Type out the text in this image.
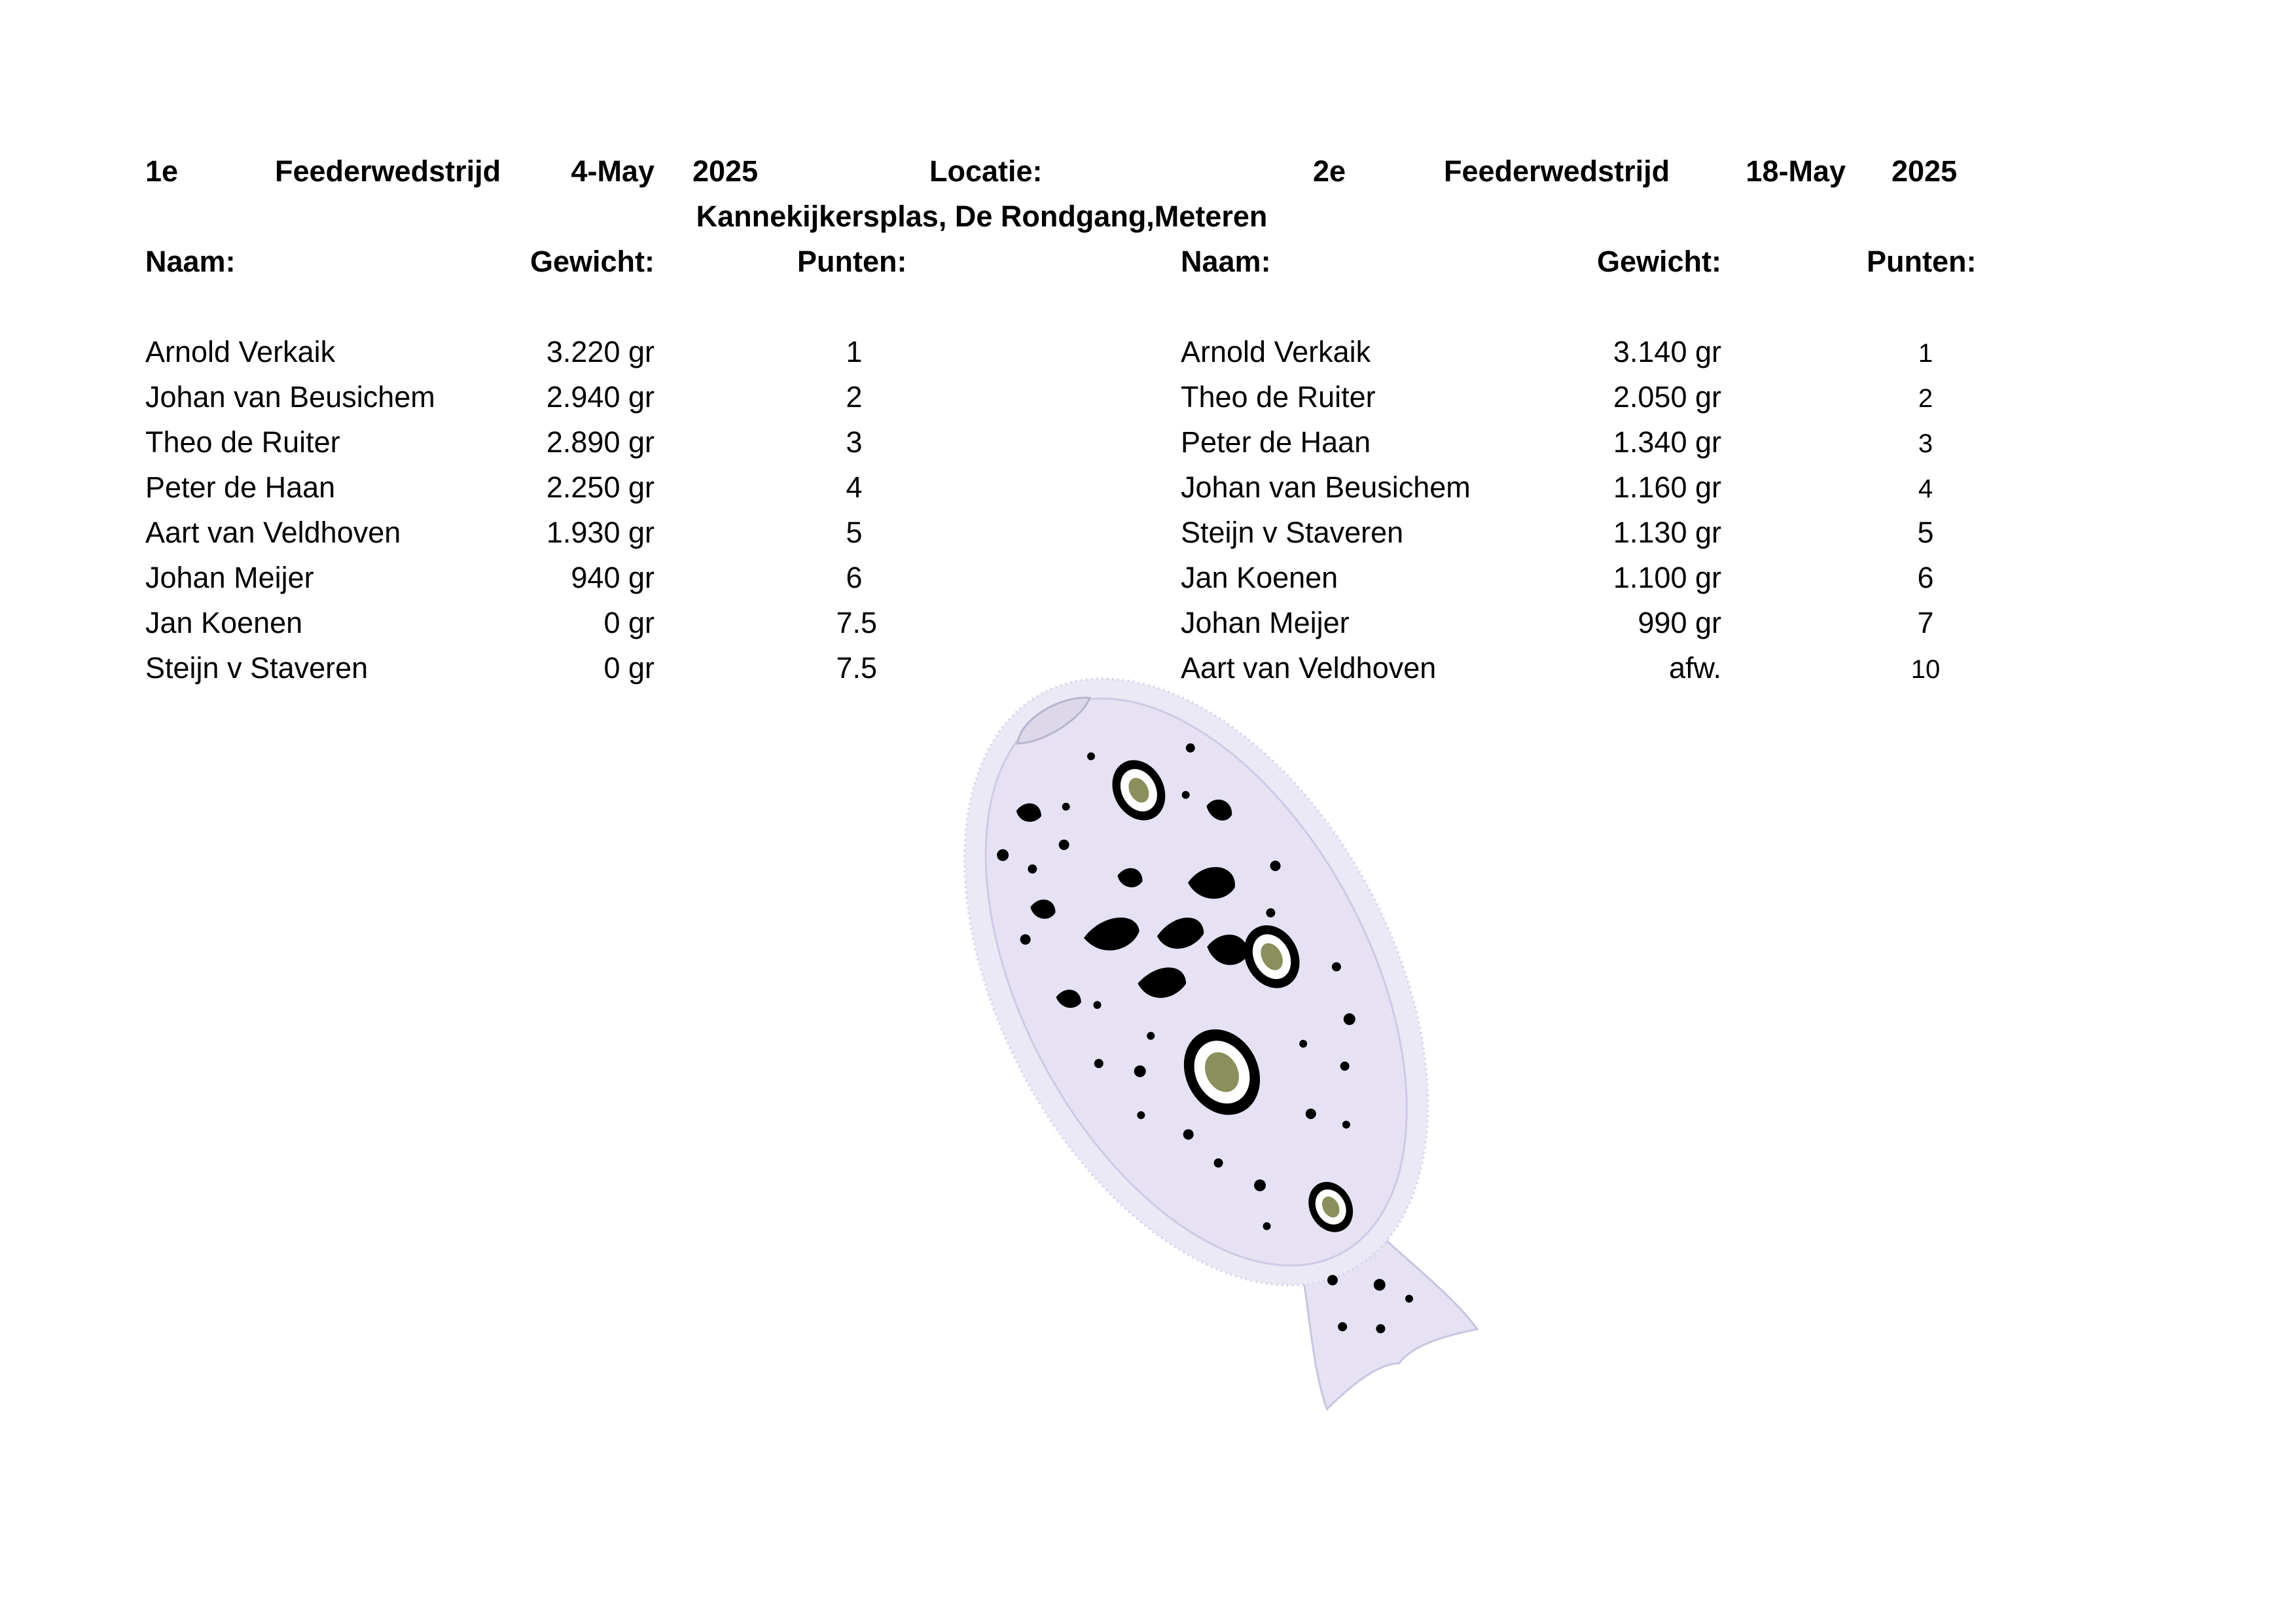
1e	Feederwedstrijd	4-May 2025	Locatie:	2e	Feederwedstrijd	18-May 2025
Kannekijkersplas, De Rondgang,Meteren
Naam:	Gewicht:	Punten:	Naam:	Gewicht:	Punten:
Arnold Verkaik	3.220 gr	1
Johan van Beusichem	2.940 gr	2
Theo de Ruiter	2.890 gr	3
Peter de Haan	2.250 gr	4
Aart van Veldhoven	1.930 gr	5
Johan Meijer	940 gr	6
Jan Koenen	0 gr	7.5
Steijn v Staveren	0 gr	7.5
Arnold Verkaik	3.140 gr	1
Theo de Ruiter	2.050 gr	2
Peter de Haan	1.340 gr	3
Johan van Beusichem	1.160 gr	4
Steijn v Staveren	1.130 gr	5
Jan Koenen	1.100 gr	6
Johan Meijer	990 gr	7
Aart van Veldhoven	afw.	10
